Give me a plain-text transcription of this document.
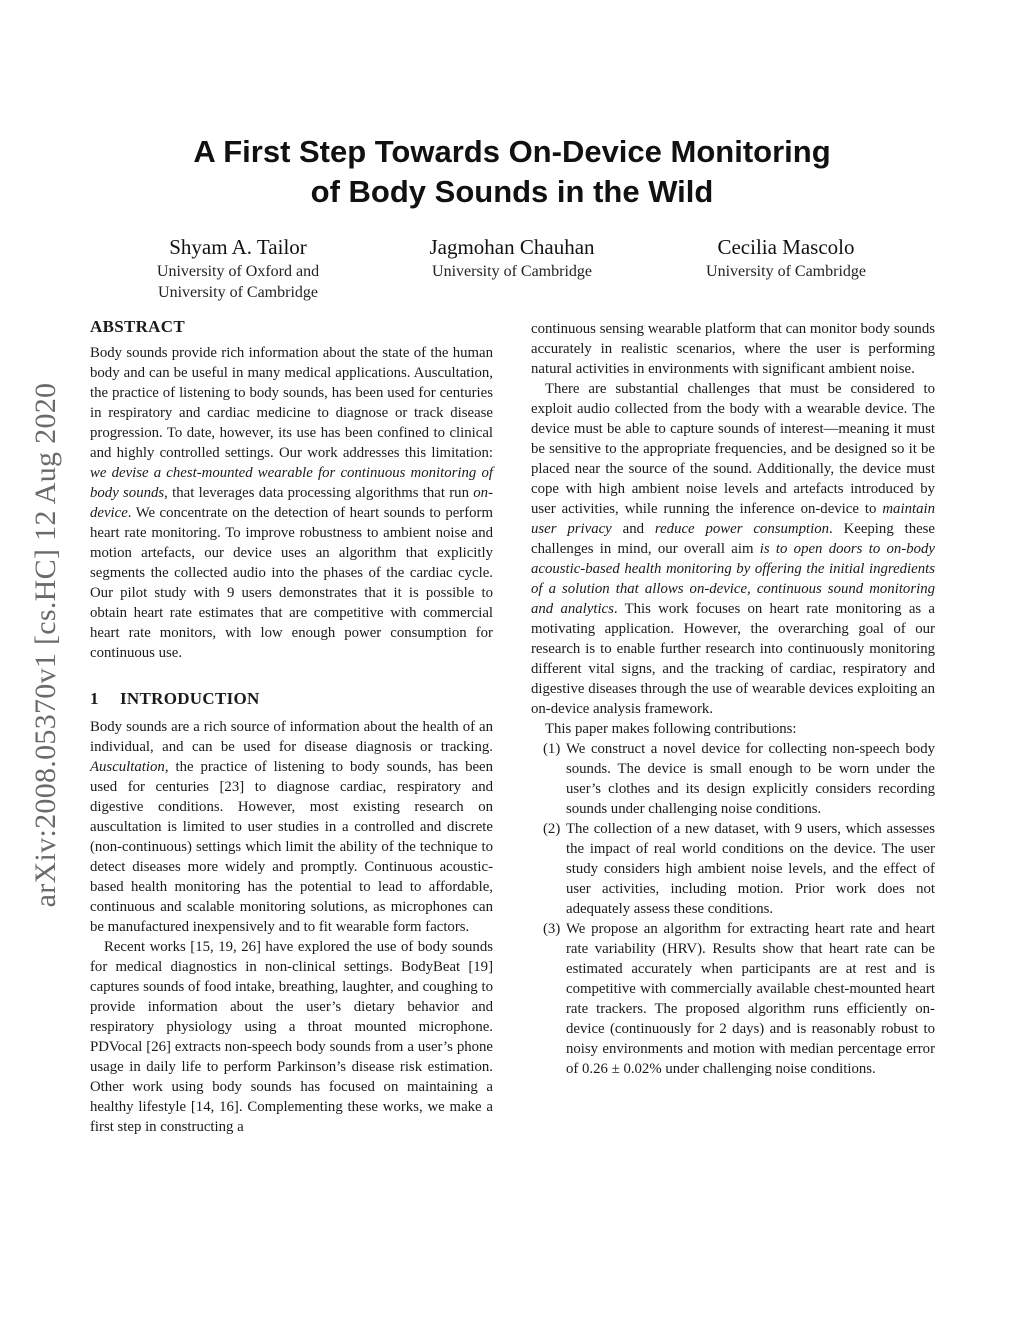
A First Step Towards On-Device Monitoring
of Body Sounds in the Wild
Shyam A. Tailor
University of Oxford and
University of Cambridge
Jagmohan Chauhan
University of Cambridge
Cecilia Mascolo
University of Cambridge
arXiv:2008.05370v1 [cs.HC] 12 Aug 2020
ABSTRACT

Body sounds provide rich information about the state of the human body and can be useful in many medical applications. Auscultation, the practice of listening to body sounds, has been used for centuries in respiratory and cardiac medicine to diagnose or track disease progression. To date, however, its use has been confined to clinical and highly controlled settings. Our work addresses this limitation: we devise a chest-mounted wearable for continuous monitoring of body sounds, that leverages data processing algorithms that run on-device. We concentrate on the detection of heart sounds to perform heart rate monitoring. To improve robustness to ambient noise and motion artefacts, our device uses an algorithm that explicitly segments the collected audio into the phases of the cardiac cycle. Our pilot study with 9 users demonstrates that it is possible to obtain heart rate estimates that are competitive with commercial heart rate monitors, with low enough power consumption for continuous use.

1 INTRODUCTION

Body sounds are a rich source of information about the health of an individual, and can be used for disease diagnosis or tracking. Auscultation, the practice of listening to body sounds, has been used for centuries [23] to diagnose cardiac, respiratory and digestive conditions. However, most existing research on auscultation is limited to user studies in a controlled and discrete (non-continuous) settings which limit the ability of the technique to detect diseases more widely and promptly. Continuous acoustic-based health monitoring has the potential to lead to affordable, continuous and scalable monitoring solutions, as microphones can be manufactured inexpensively and to fit wearable form factors.

Recent works [15, 19, 26] have explored the use of body sounds for medical diagnostics in non-clinical settings. BodyBeat [19] captures sounds of food intake, breathing, laughter, and coughing to provide information about the user’s dietary behavior and respiratory physiology using a throat mounted microphone. PDVocal [26] extracts non-speech body sounds from a user’s phone usage in daily life to perform Parkinson’s disease risk estimation. Other work using body sounds has focused on maintaining a healthy lifestyle [14, 16]. Complementing these works, we make a first step in constructing a

continuous sensing wearable platform that can monitor body sounds accurately in realistic scenarios, where the user is performing natural activities in environments with significant ambient noise.

There are substantial challenges that must be considered to exploit audio collected from the body with a wearable device. The device must be able to capture sounds of interest—meaning it must be sensitive to the appropriate frequencies, and be designed so it be placed near the source of the sound. Additionally, the device must cope with high ambient noise levels and artefacts introduced by user activities, while running the inference on-device to maintain user privacy and reduce power consumption. Keeping these challenges in mind, our overall aim is to open doors to on-body acoustic-based health monitoring by offering the initial ingredients of a solution that allows on-device, continuous sound monitoring and analytics. This work focuses on heart rate monitoring as a motivating application. However, the overarching goal of our research is to enable further research into continuously monitoring different vital signs, and the tracking of cardiac, respiratory and digestive diseases through the use of wearable devices exploiting an on-device analysis framework.

This paper makes following contributions:

(1) We construct a novel device for collecting non-speech body sounds. The device is small enough to be worn under the user’s clothes and its design explicitly considers recording sounds under challenging noise conditions.
(2) The collection of a new dataset, with 9 users, which assesses the impact of real world conditions on the device. The user study considers high ambient noise levels, and the effect of user activities, including motion. Prior work does not adequately assess these conditions.
(3) We propose an algorithm for extracting heart rate and heart rate variability (HRV). Results show that heart rate can be estimated accurately when participants are at rest and is competitive with commercially available chest-mounted heart rate trackers. The proposed algorithm runs efficiently on-device (continuously for 2 days) and is reasonably robust to noisy environments and motion with median percentage error of 0.26 ± 0.02% under challenging noise conditions.
